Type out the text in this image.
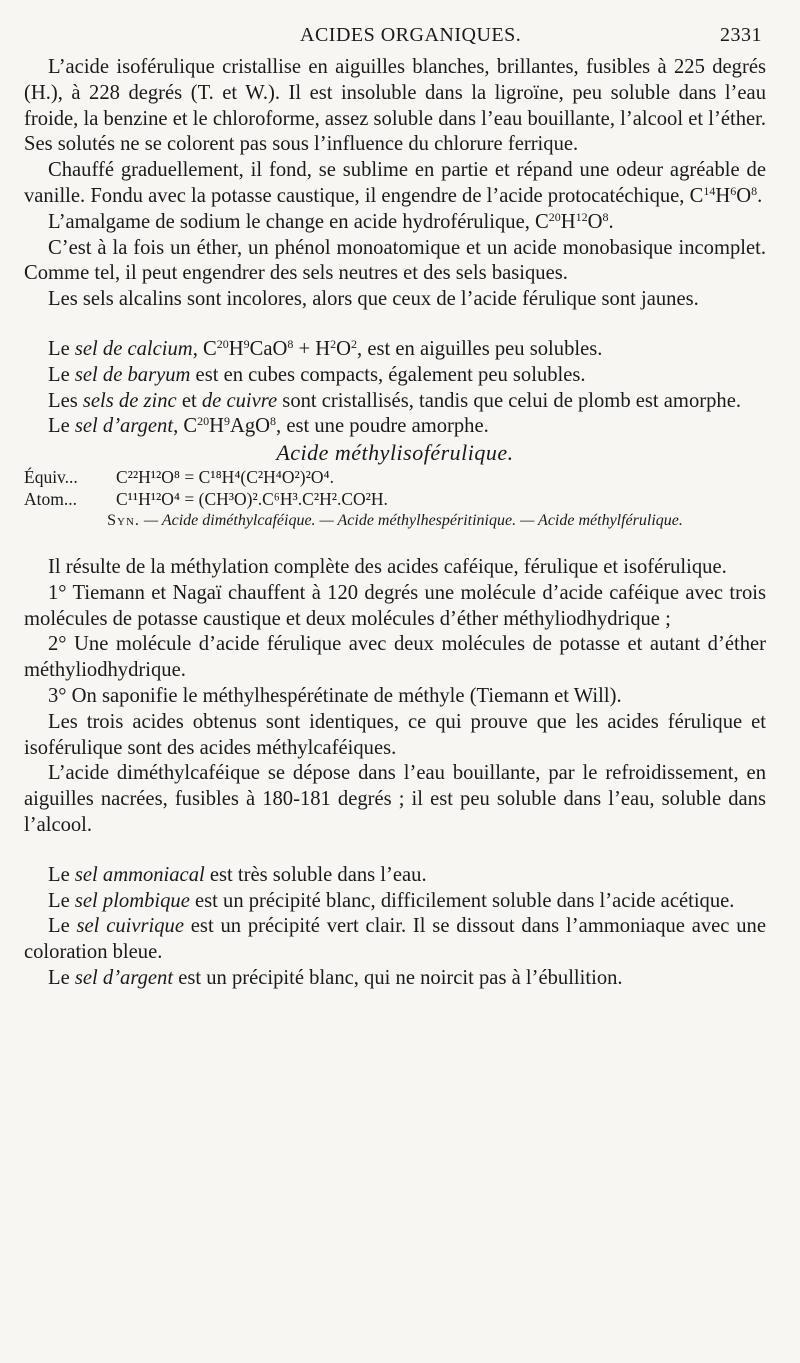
ACIDES ORGANIQUES.	2331

L’acide isoférulique cristallise en aiguilles blanches, brillantes, fusibles à 225 degrés (H.), à 228 degrés (T. et W.). Il est insoluble dans la ligroïne, peu soluble dans l’eau froide, la benzine et le chloroforme, assez soluble dans l’eau bouillante, l’alcool et l’éther. Ses solutés ne se colorent pas sous l’influence du chlorure ferrique.

Chauffé graduellement, il fond, se sublime en partie et répand une odeur agréable de vanille. Fondu avec la potasse caustique, il engendre de l’acide protocatéchique, $C^{14}H^6O^8$.

L’amalgame de sodium le change en acide hydroférulique, $C^{20}H^{12}O^8$.

C’est à la fois un éther, un phénol monoatomique et un acide monobasique incomplet. Comme tel, il peut engendrer des sels neutres et des sels basiques.

Les sels alcalins sont incolores, alors que ceux de l’acide férulique sont jaunes.

Le sel de calcium, $C^{20}H^9CaO^8 + H^2O^2$, est en aiguilles peu solubles.

Le sel de baryum est en cubes compacts, également peu solubles.

Les sels de zinc et de cuivre sont cristallisés, tandis que celui de plomb est amorphe.

Le sel d’argent, $C^{20}H^9AgO^8$, est une poudre amorphe.

Acide méthylisoférulique.

Équiv... C²²H¹²O⁸ = C¹⁸H⁴(C²H⁴O²)²O⁴.

Atom... C¹¹H¹²O⁴ = (CH³O)².C⁶H³.C²H².CO²H.

Syn. — Acide diméthylcaféique. — Acide méthylhespéritinique. — Acide méthylférulique.

Il résulte de la méthylation complète des acides caféique, férulique et isoférulique.

1° Tiemann et Nagaï chauffent à 120 degrés une molécule d’acide caféique avec trois molécules de potasse caustique et deux molécules d’éther méthyliodhydrique ;

2° Une molécule d’acide férulique avec deux molécules de potasse et autant d’éther méthyliodhydrique.

3° On saponifie le méthylhespérétinate de méthyle (Tiemann et Will).

Les trois acides obtenus sont identiques, ce qui prouve que les acides férulique et isoférulique sont des acides méthylcaféiques.

L’acide diméthylcaféique se dépose dans l’eau bouillante, par le refroidissement, en aiguilles nacrées, fusibles à 180-181 degrés ; il est peu soluble dans l’eau, soluble dans l’alcool.

Le sel ammoniacal est très soluble dans l’eau.

Le sel plombique est un précipité blanc, difficilement soluble dans l’acide acétique.

Le sel cuivrique est un précipité vert clair. Il se dissout dans l’ammoniaque avec une coloration bleue.

Le sel d’argent est un précipité blanc, qui ne noircit pas à l’ébullition.
